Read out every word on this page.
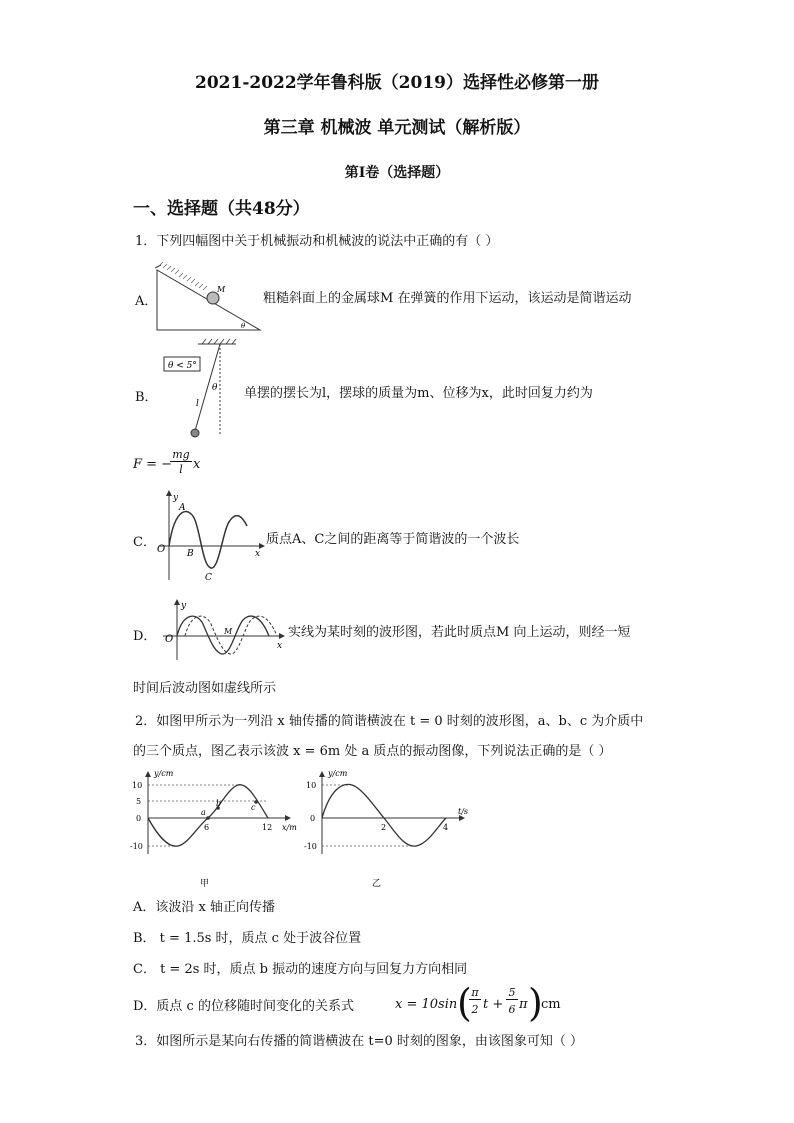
2021-2022学年鲁科版（2019）选择性必修第一册
第三章 机械波 单元测试（解析版）
第Ⅰ卷（选择题）
一、选择题（共48分）
1．下列四幅图中关于机械振动和机械波的说法中正确的有（ ）
A．
M
θ
粗糙斜面上的金属球M 在弹簧的作用下运动，该运动是简谐运动
B．
θ < 5°
θ
l
单摆的摆长为l，摆球的质量为m、位移为x，此时回复力约为
F = −
mg
l x
C．
y
x
O
A
B
C
质点A、C之间的距离等于简谐波的一个波长
D．
y
x
O
M	实线为某时刻的波形图，若此时质点M 向上运动，则经一短
时间后波动图如虚线所示
2．如图甲所示为一列沿 x 轴传播的简谐横波在 t = 0 时刻的波形图，a、b、c 为介质中
的三个质点，图乙表示该波 x = 6m 处 a 质点的振动图像，下列说法正确的是（ ）
y/cm
x/m
10
5
0
-10
6	12
a
b	c
甲
y/cm
t/s
10
0
-10
2	4
乙
A．该波沿 x 轴正向传播
B． t = 1.5s 时，质点 c 处于波谷位置
C． t = 2s 时，质点 b 振动的速度方向与回复力方向相同
D．质点 c 的位移随时间变化的关系式	x = 10sin ( π
2 t +
5
6 π )
cm
3．如图所示是某向右传播的简谐横波在 t=0 时刻的图象，由该图象可知（ ）
